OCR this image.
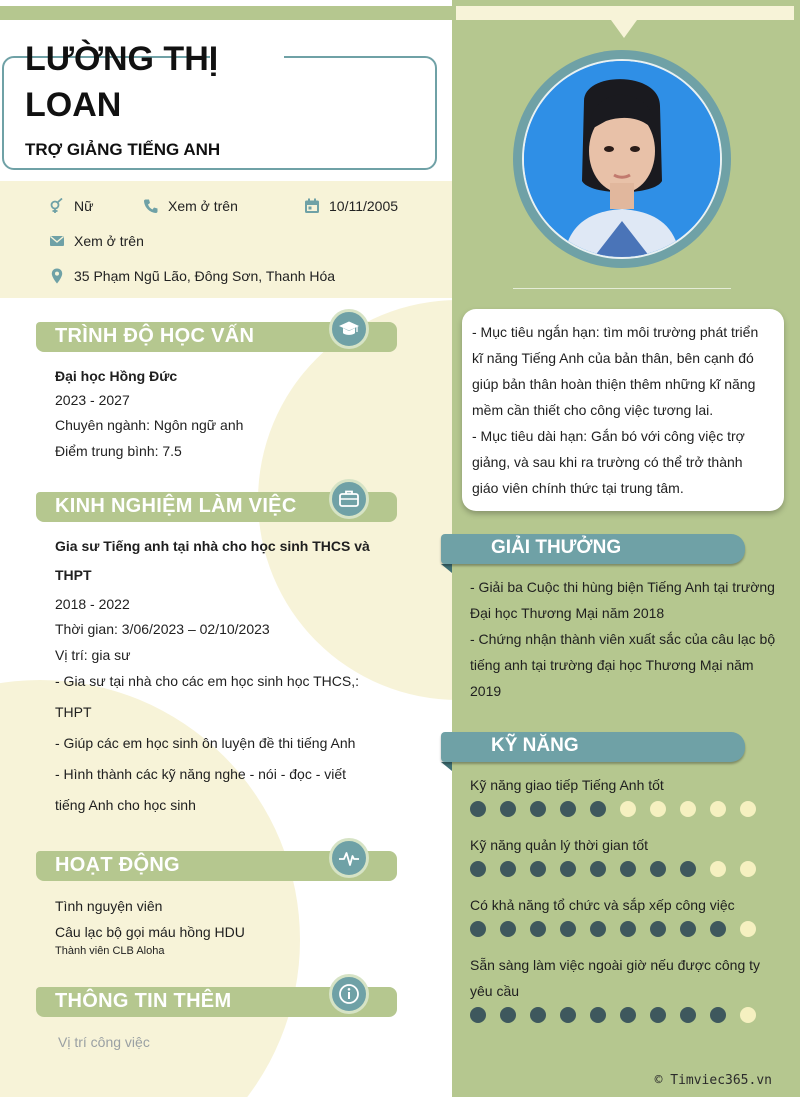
LƯỜNG THỊ LOAN
TRỢ GIẢNG TIẾNG ANH
Nữ	Xem ở trên	10/11/2005
Xem ở trên
35 Phạm Ngũ Lão, Đông Sơn, Thanh Hóa
TRÌNH ĐỘ HỌC VẤN
Đại học Hồng Đức
2023 - 2027
Chuyên ngành: Ngôn ngữ anh
Điểm trung bình: 7.5
KINH NGHIỆM LÀM VIỆC
Gia sư Tiếng anh tại nhà cho học sinh THCS và
THPT
2018 - 2022
Thời gian: 3/06/2023 – 02/10/2023
Vị trí: gia sư
- Gia sư tại nhà cho các em học sinh học THCS,:
THPT
- Giúp các em học sinh ôn luyện đề thi tiếng Anh
- Hình thành các kỹ năng nghe - nói - đọc - viết
tiếng Anh cho học sinh
HOẠT ĐỘNG
Tình nguyện viên
Câu lạc bộ gọi máu hồng HDU
Thành viên CLB Aloha
THÔNG TIN THÊM
Vị trí công việc

- Mục tiêu ngắn hạn: tìm môi trường phát triển kĩ năng Tiếng Anh của bản thân, bên cạnh đó giúp bản thân hoàn thiện thêm những kĩ năng mềm cần thiết cho công việc tương lai.

- Mục tiêu dài hạn: Gắn bó với công việc trợ giảng, và sau khi ra trường có thể trở thành giáo viên chính thức tại trung tâm.

GIẢI THƯỞNG
- Giải ba Cuộc thi hùng biện Tiếng Anh tại trường Đại học Thương Mại năm 2018
- Chứng nhận thành viên xuất sắc của câu lạc bộ tiếng anh tại trường đại học Thương Mại năm 2019
KỸ NĂNG
Kỹ năng giao tiếp Tiếng Anh tốt
Kỹ năng quản lý thời gian tốt
Có khả năng tổ chức và sắp xếp công việc
Sẵn sàng làm việc ngoài giờ nếu được công ty yêu cầu
© Timviec365.vn
